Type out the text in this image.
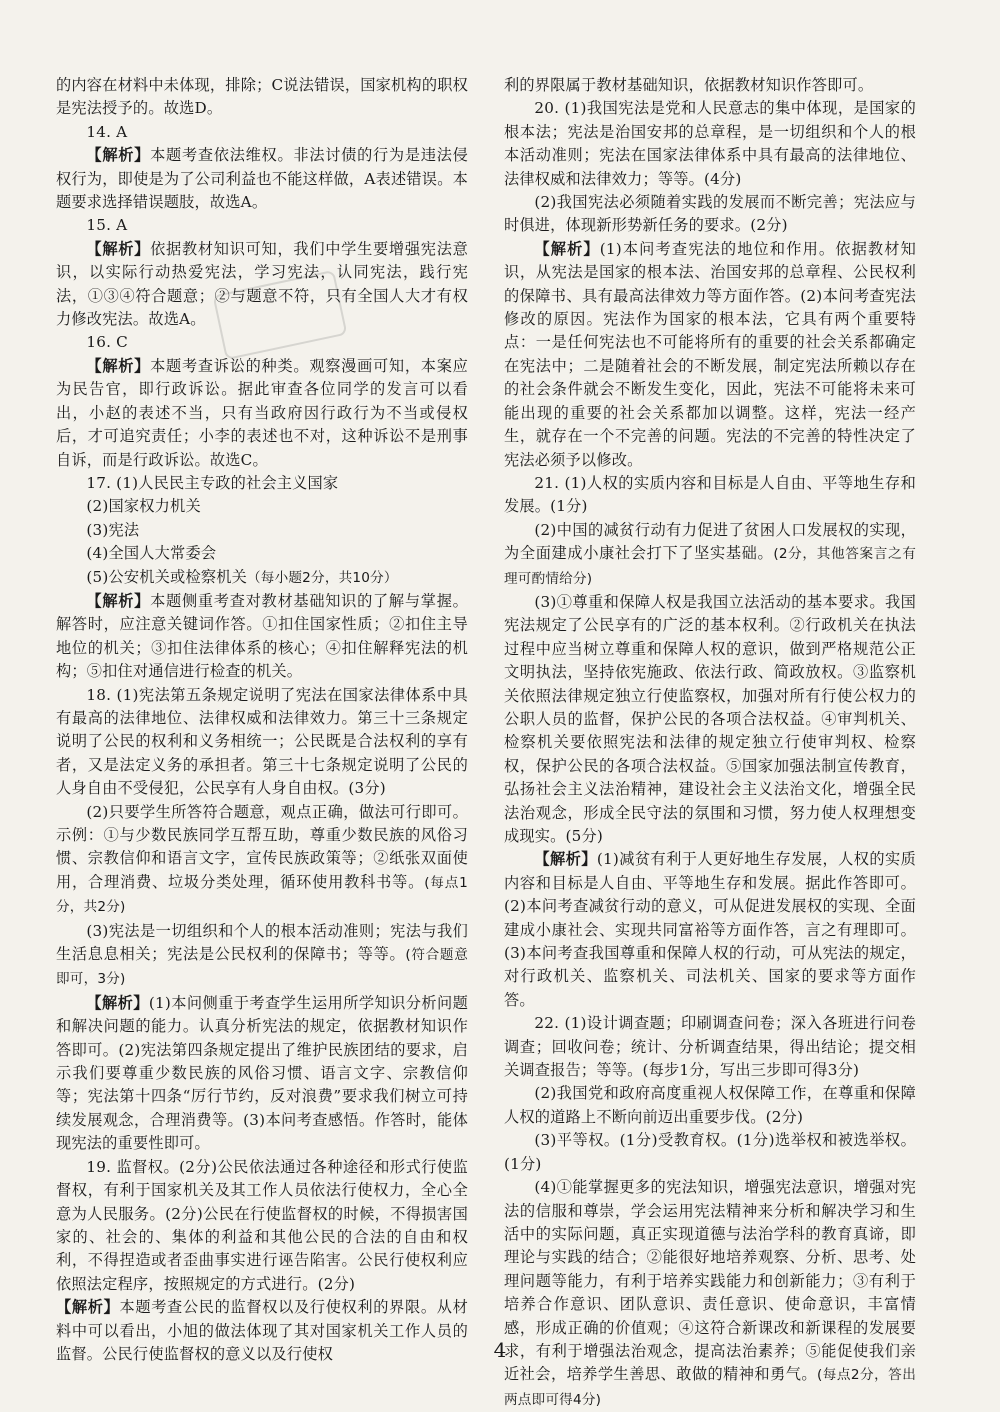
的内容在材料中未体现，排除；C说法错误，国家机构的职权是宪法授予的。故选D。

14. A

【解析】本题考查依法维权。非法讨债的行为是违法侵权行为，即使是为了公司利益也不能这样做，A表述错误。本题要求选择错误题肢，故选A。

15. A

【解析】依据教材知识可知，我们中学生要增强宪法意识，以实际行动热爱宪法，学习宪法，认同宪法，践行宪法，①③④符合题意；②与题意不符，只有全国人大才有权力修改宪法。故选A。

16. C

【解析】本题考查诉讼的种类。观察漫画可知，本案应为民告官，即行政诉讼。据此审查各位同学的发言可以看出，小赵的表述不当，只有当政府因行政行为不当或侵权后，才可追究责任；小李的表述也不对，这种诉讼不是刑事自诉，而是行政诉讼。故选C。

17. (1)人民民主专政的社会主义国家

(2)国家权力机关

(3)宪法

(4)全国人大常委会

(5)公安机关或检察机关（每小题2分，共10分）

【解析】本题侧重考查对教材基础知识的了解与掌握。解答时，应注意关键词作答。①扣住国家性质；②扣住主导地位的机关；③扣住法律体系的核心；④扣住解释宪法的机构；⑤扣住对通信进行检查的机关。

18. (1)宪法第五条规定说明了宪法在国家法律体系中具有最高的法律地位、法律权威和法律效力。第三十三条规定说明了公民的权利和义务相统一；公民既是合法权利的享有者，又是法定义务的承担者。第三十七条规定说明了公民的人身自由不受侵犯，公民享有人身自由权。(3分)

(2)只要学生所答符合题意，观点正确，做法可行即可。示例：①与少数民族同学互帮互助，尊重少数民族的风俗习惯、宗教信仰和语言文字，宣传民族政策等；②纸张双面使用，合理消费、垃圾分类处理，循环使用教科书等。(每点1分，共2分)

(3)宪法是一切组织和个人的根本活动准则；宪法与我们生活息息相关；宪法是公民权利的保障书；等等。(符合题意即可，3分)

【解析】(1)本问侧重于考查学生运用所学知识分析问题和解决问题的能力。认真分析宪法的规定，依据教材知识作答即可。(2)宪法第四条规定提出了维护民族团结的要求，启示我们要尊重少数民族的风俗习惯、语言文字、宗教信仰等；宪法第十四条“厉行节约，反对浪费”要求我们树立可持续发展观念，合理消费等。(3)本问考查感悟。作答时，能体现宪法的重要性即可。

19. 监督权。(2分)公民依法通过各种途径和形式行使监督权，有利于国家机关及其工作人员依法行使权力，全心全意为人民服务。(2分)公民在行使监督权的时候，不得损害国家的、社会的、集体的利益和其他公民的合法的自由和权利，不得捏造或者歪曲事实进行诬告陷害。公民行使权利应依照法定程序，按照规定的方式进行。(2分)

【解析】本题考查公民的监督权以及行使权利的界限。从材料中可以看出，小旭的做法体现了其对国家机关工作人员的监督。公民行使监督权的意义以及行使权

利的界限属于教材基础知识，依据教材知识作答即可。

20. (1)我国宪法是党和人民意志的集中体现，是国家的根本法；宪法是治国安邦的总章程，是一切组织和个人的根本活动准则；宪法在国家法律体系中具有最高的法律地位、法律权威和法律效力；等等。(4分)

(2)我国宪法必须随着实践的发展而不断完善；宪法应与时俱进，体现新形势新任务的要求。(2分)

【解析】(1)本问考查宪法的地位和作用。依据教材知识，从宪法是国家的根本法、治国安邦的总章程、公民权利的保障书、具有最高法律效力等方面作答。(2)本问考查宪法修改的原因。宪法作为国家的根本法，它具有两个重要特点：一是任何宪法也不可能将所有的重要的社会关系都确定在宪法中；二是随着社会的不断发展，制定宪法所赖以存在的社会条件就会不断发生变化，因此，宪法不可能将未来可能出现的重要的社会关系都加以调整。这样，宪法一经产生，就存在一个不完善的问题。宪法的不完善的特性决定了宪法必须予以修改。

21. (1)人权的实质内容和目标是人自由、平等地生存和发展。(1分)

(2)中国的减贫行动有力促进了贫困人口发展权的实现，为全面建成小康社会打下了坚实基础。(2分，其他答案言之有理可酌情给分)

(3)①尊重和保障人权是我国立法活动的基本要求。我国宪法规定了公民享有的广泛的基本权利。②行政机关在执法过程中应当树立尊重和保障人权的意识，做到严格规范公正文明执法，坚持依宪施政、依法行政、简政放权。③监察机关依照法律规定独立行使监察权，加强对所有行使公权力的公职人员的监督，保护公民的各项合法权益。④审判机关、检察机关要依照宪法和法律的规定独立行使审判权、检察权，保护公民的各项合法权益。⑤国家加强法制宣传教育，弘扬社会主义法治精神，建设社会主义法治文化，增强全民法治观念，形成全民守法的氛围和习惯，努力使人权理想变成现实。(5分)

【解析】(1)减贫有利于人更好地生存发展，人权的实质内容和目标是人自由、平等地生存和发展。据此作答即可。(2)本问考查减贫行动的意义，可从促进发展权的实现、全面建成小康社会、实现共同富裕等方面作答，言之有理即可。(3)本问考查我国尊重和保障人权的行动，可从宪法的规定，对行政机关、监察机关、司法机关、国家的要求等方面作答。

22. (1)设计调查题；印刷调查问卷；深入各班进行问卷调查；回收问卷；统计、分析调查结果，得出结论；提交相关调查报告；等等。(每步1分，写出三步即可得3分)

(2)我国党和政府高度重视人权保障工作，在尊重和保障人权的道路上不断向前迈出重要步伐。(2分)

(3)平等权。(1分)受教育权。(1分)选举权和被选举权。(1分)

(4)①能掌握更多的宪法知识，增强宪法意识，增强对宪法的信服和尊崇，学会运用宪法精神来分析和解决学习和生活中的实际问题，真正实现道德与法治学科的教育真谛，即理论与实践的结合；②能很好地培养观察、分析、思考、处理问题等能力，有利于培养实践能力和创新能力；③有利于培养合作意识、团队意识、责任意识、使命意识，丰富情感，形成正确的价值观；④这符合新课改和新课程的发展要求，有利于增强法治观念，提高法治素养；⑤能促使我们亲近社会，培养学生善思、敢做的精神和勇气。(每点2分，答出两点即可得4分)

4
